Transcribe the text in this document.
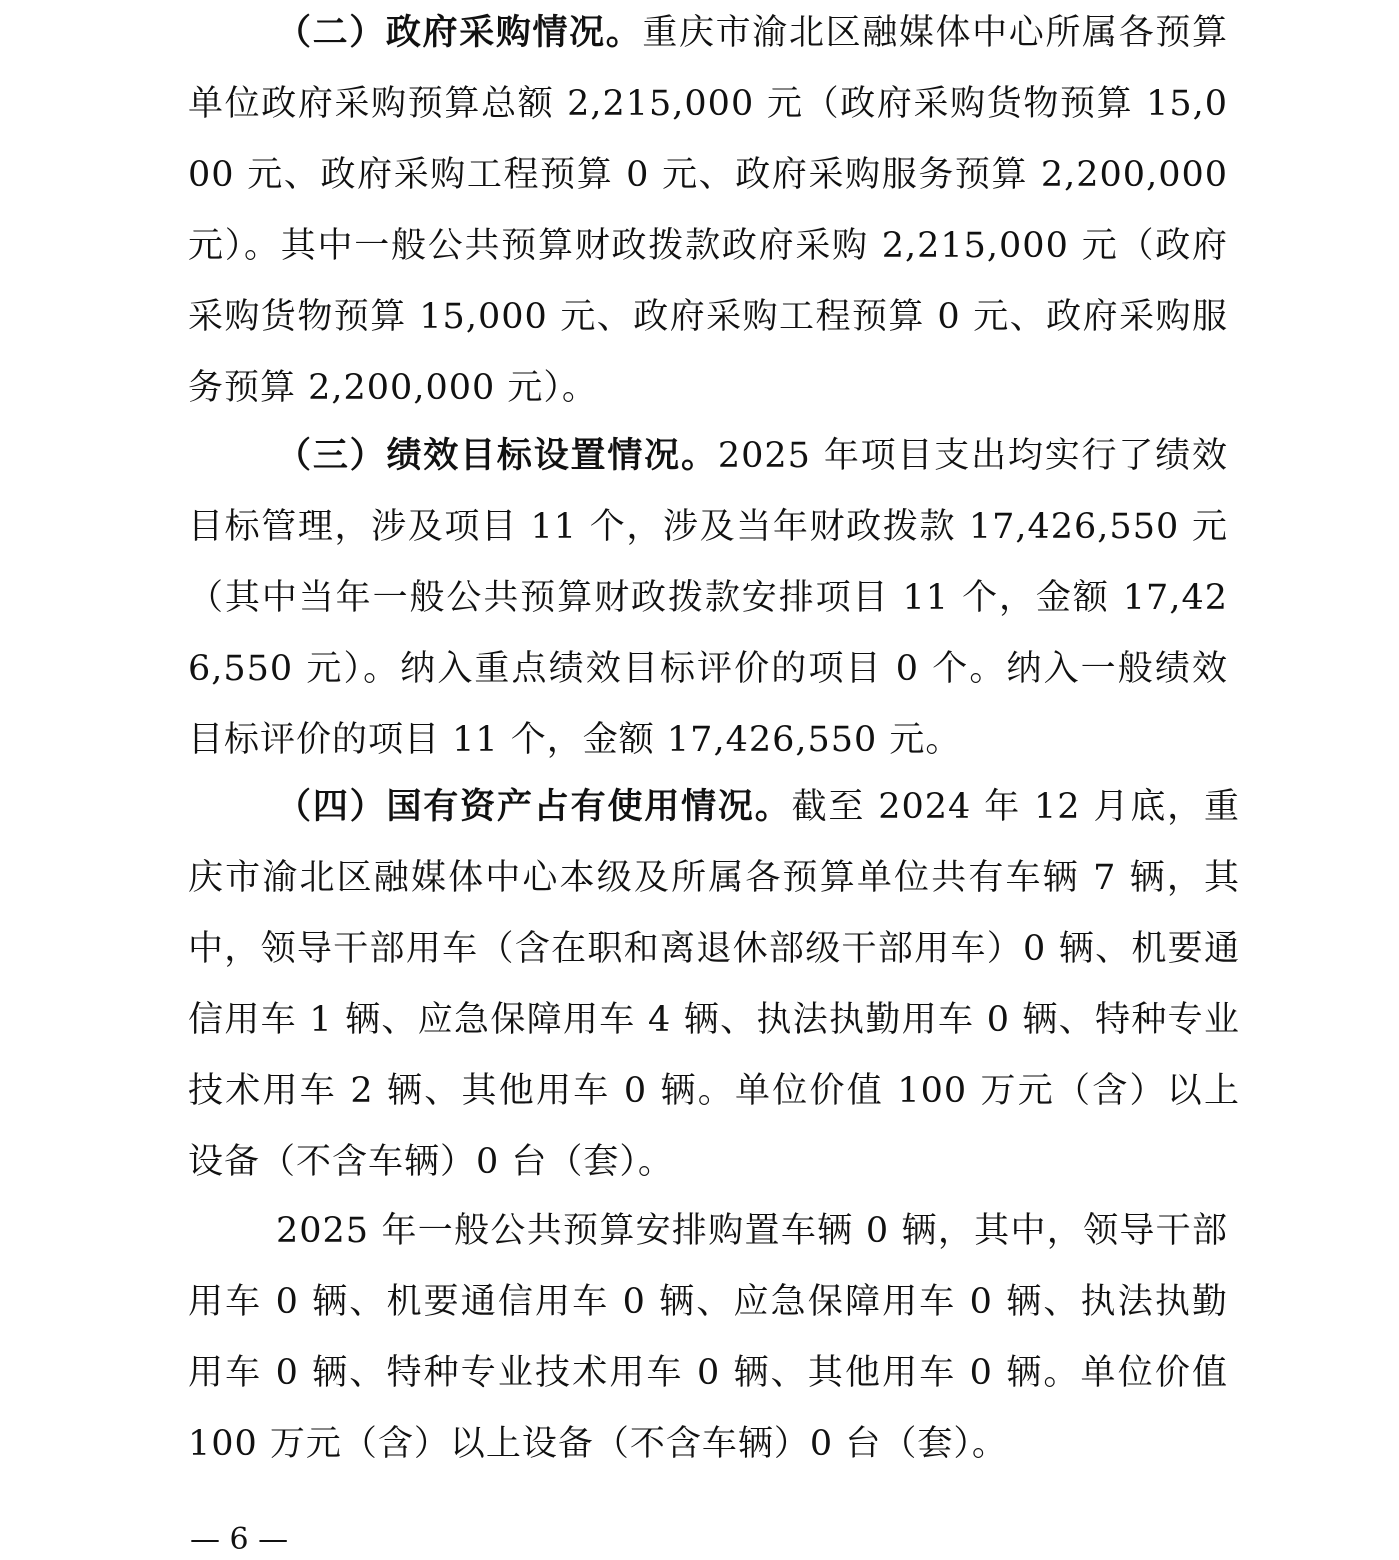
（二）政府采购情况。重庆市渝北区融媒体中心所属各预算单位政府采购预算总额 2,215,000 元（政府采购货物预算 15,000 元、政府采购工程预算 0 元、政府采购服务预算 2,200,000 元）。其中一般公共预算财政拨款政府采购 2,215,000 元（政府采购货物预算 15,000 元、政府采购工程预算 0 元、政府采购服务预算 2,200,000 元）。

（三）绩效目标设置情况。2025 年项目支出均实行了绩效目标管理，涉及项目 11 个，涉及当年财政拨款 17,426,550 元（其中当年一般公共预算财政拨款安排项目 11 个，金额 17,426,550 元）。纳入重点绩效目标评价的项目 0 个。纳入一般绩效目标评价的项目 11 个，金额 17,426,550 元。

（四）国有资产占有使用情况。截至 2024 年 12 月底，重庆市渝北区融媒体中心本级及所属各预算单位共有车辆 7 辆，其中，领导干部用车（含在职和离退休部级干部用车）0 辆、机要通信用车 1 辆、应急保障用车 4 辆、执法执勤用车 0 辆、特种专业技术用车 2 辆、其他用车 0 辆。单位价值 100 万元（含）以上设备（不含车辆）0 台（套）。

2025 年一般公共预算安排购置车辆 0 辆，其中，领导干部用车 0 辆、机要通信用车 0 辆、应急保障用车 0 辆、执法执勤用车 0 辆、特种专业技术用车 0 辆、其他用车 0 辆。单位价值 100 万元（含）以上设备（不含车辆）0 台（套）。

— 6 —
